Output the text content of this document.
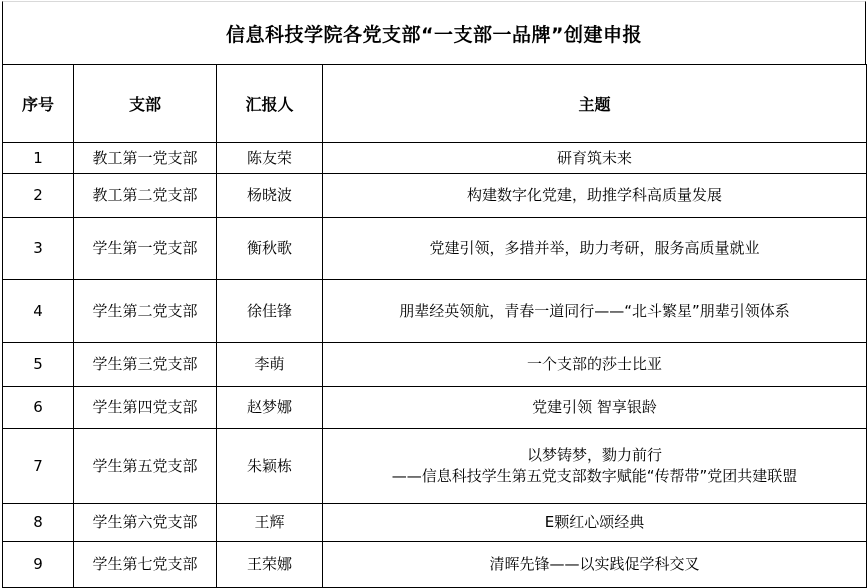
信息科技学院各党支部“一支部一品牌”创建申报
序号	支部	汇报人	主题
1	教工第一党支部	陈友荣	研育筑未来

2	教工第二党支部	杨晓波	构建数字化党建，助推学科高质量发展

3	学生第一党支部	衡秋歌	党建引领，多措并举，助力考研，服务高质量就业

4	学生第二党支部	徐佳锋	朋辈经英领航，青春一道同行——“北斗繁星”朋辈引领体系

5	学生第三党支部	李萌	一个支部的莎士比亚

6	学生第四党支部	赵梦娜	党建引领 智享银龄

7	学生第五党支部	朱颖栋	以梦铸梦，勠力前行
——信息科技学生第五党支部数字赋能“传帮带”党团共建联盟

8	学生第六党支部	王辉	E颗红心颂经典

9	学生第七党支部	王荣娜	清晖先锋——以实践促学科交叉
